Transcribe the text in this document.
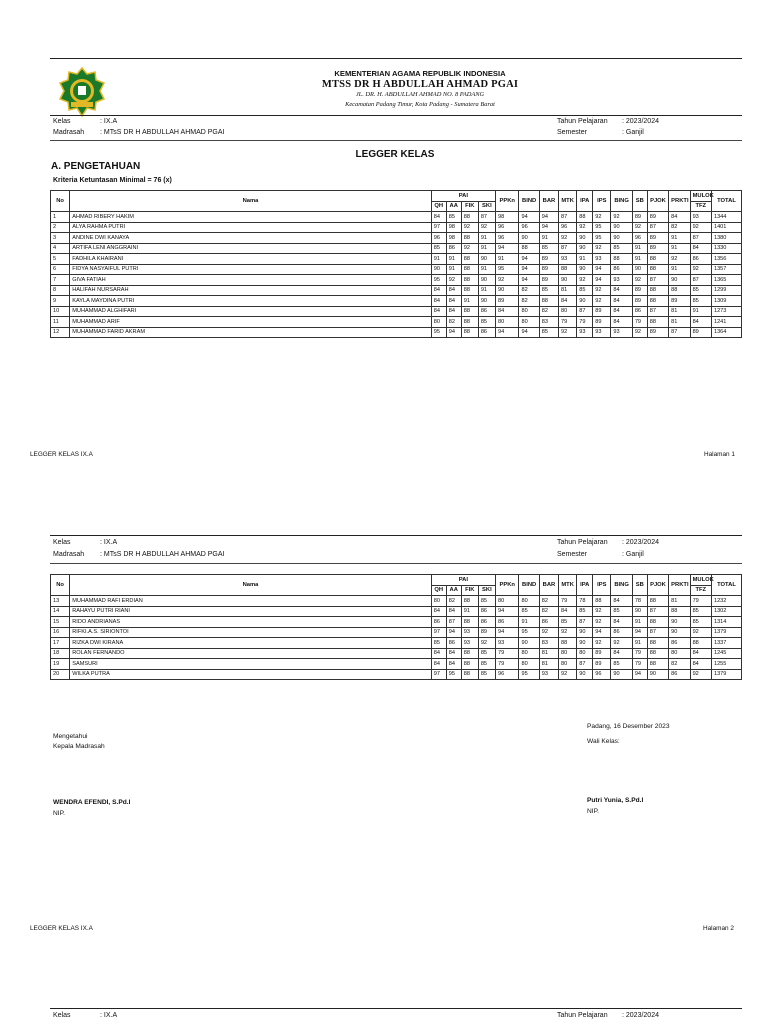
KEMENTERIAN AGAMA REPUBLIK INDONESIA
MTSS DR H ABDULLAH AHMAD PGAI
JL. DR. H. ABDULLAH AHMAD NO. 8 PADANG
Kecamatan Padang Timur, Kota Padang - Sumatera Barat
Kelas	: IX.A
Madrasah : MTsS DR H ABDULLAH AHMAD PGAI
Tahun Pelajaran : 2023/2024
Semester	: Ganjil
LEGGER KELAS
A. PENGETAHUAN
Kriteria Ketuntasan Minimal = 76 (x)
No	Nama	PAI				PPKn	BIND	BAR	MTK	IPA	IPS	BING	SB	PJOK	PRKTI	MULOK	TOTAL
		QH	AA	FIK	SKI											TFZ	
1	AHMAD RIBERY HAKIM	84	85	88	87	98	94	94	87	88	92	92	89	89	84	93	1344
2	ALYA RAHMA PUTRI	97	98	92	92	96	96	94	96	92	95	90	92	87	82	92	1401
3	ANDINE DWI KANAYA	96	98	88	91	96	90	91	92	90	95	90	96	89	91	87	1380
4	ARTIFA LENI ANGGRAINI	85	86	92	91	94	88	85	87	90	92	85	91	89	91	84	1330
5	FADHILA KHAIRANI	91	91	88	90	91	94	89	93	91	93	88	91	88	92	86	1356
6	FIDYA NASYAIFUL PUTRI	90	91	88	91	95	94	89	88	90	94	86	90	88	91	92	1357
7	GIVA FATIAH	95	92	88	90	92	94	89	90	92	94	93	92	87	90	87	1365
8	HALIFAH NURSARAH	84	84	88	91	90	82	85	81	85	92	84	89	88	88	85	1299
9	KAYLA MAYDINA PUTRI	84	84	91	90	89	82	88	84	90	92	84	89	88	89	85	1309
10	MUHAMMAD ALGHIFARI	84	84	88	86	84	80	82	80	87	89	84	86	87	81	91	1273
11	MUHAMMAD ARIF	80	82	88	85	80	80	83	79	79	89	84	79	88	81	84	1241
12	MUHAMMAD FARID AKRAM	95	94	88	86	94	94	85	92	93	93	93	92	89	87	89	1364
LEGGER KELAS IX.A	Halaman 1
Kelas	: IX.A
Madrasah : MTsS DR H ABDULLAH AHMAD PGAI
Tahun Pelajaran : 2023/2024
Semester	: Ganjil
No	Nama	PAI				PPKn	BIND	BAR	MTK	IPA	IPS	BING	SB	PJOK	PRKTI	MULOK	TOTAL
		QH	AA	FIK	SKI											TFZ	
13	MUHAMMAD RAFI ERDIAN	80	82	88	85	80	80	82	79	78	88	84	78	88	81	79	1232
14	RAHAYU PUTRI RIANI	84	84	91	86	94	85	82	84	85	92	85	90	87	88	85	1302
15	RIDO ANDRIANAS	86	87	88	86	86	91	86	85	87	92	84	91	88	90	85	1314
16	RIFKI.A.S. SIRIONTOI	97	94	93	89	94	95	92	92	90	94	86	94	87	90	92	1379
17	RIZKA DWI KIRANA	85	86	93	92	93	90	83	88	90	92	92	91	88	86	88	1337
18	ROLAN FERNANDO	84	84	88	85	79	80	81	80	80	89	84	79	88	80	84	1245
19	SAMSURI	84	84	88	85	79	80	81	80	87	89	85	79	88	82	84	1255
20	WILKA PUTRA	97	95	88	85	96	95	93	92	90	96	90	94	90	86	92	1379
Padang, 16 Desember 2023
Wali Kelas:
Mengetahui
Kepala Madrasah
WENDRA EFENDI, S.Pd.I
NIP.
Putri Yunia, S.Pd.I
NIP.
LEGGER KELAS IX.A	Halaman 2
Kelas	: IX.A	Tahun Pelajaran : 2023/2024
